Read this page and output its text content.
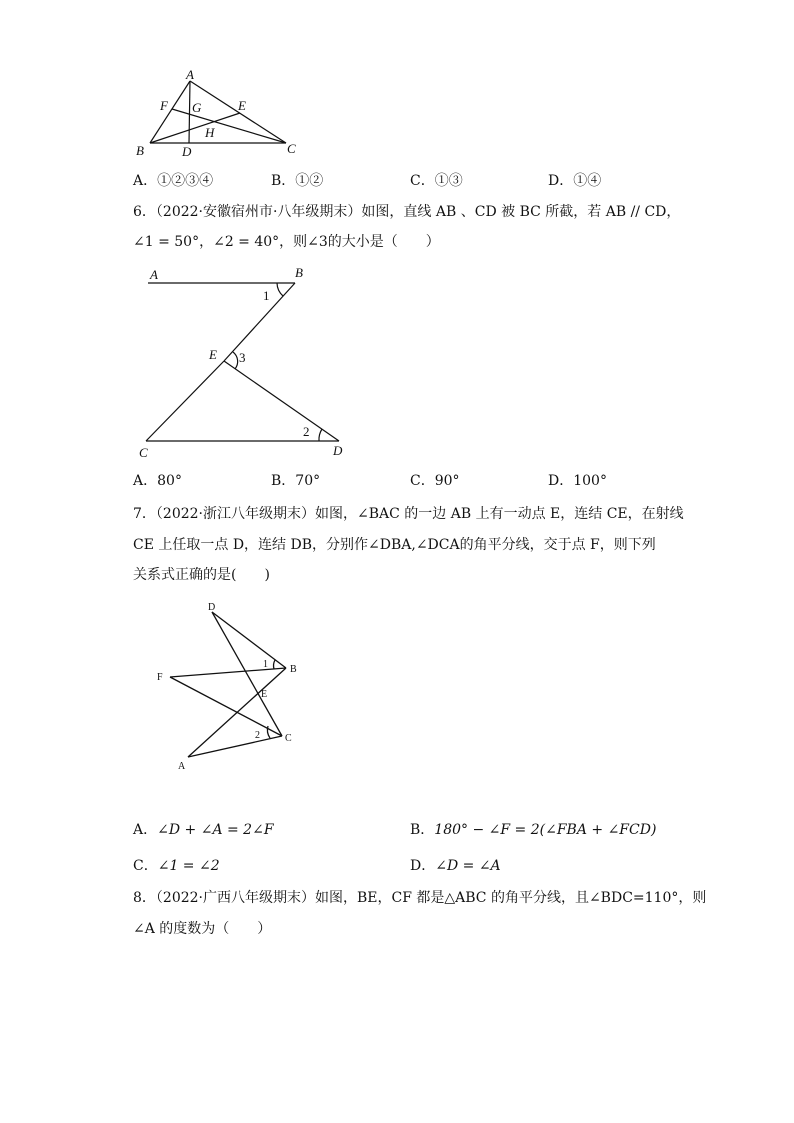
A
B	C
D
E
F G
H
A．①②③④	B．①②	C．①③	D．①④
6．（2022·安徽宿州市·八年级期末）如图，直线 AB 、CD 被 BC 所截，若 AB // CD，
∠1 = 50°，∠2 = 40°，则∠3的大小是（　　）
A	B
E
C	D
1
3
2
A．80°	B．70°	C．90°	D．100°
7．（2022·浙江八年级期末）如图，∠BAC 的一边 AB 上有一动点 E，连结 CE，在射线
CE 上任取一点 D，连结 DB，分别作∠DBA,∠DCA的角平分线，交于点 F，则下列
关系式正确的是(　　)
D
B
F
E
C
A
1
2
A．∠D + ∠A = 2∠F	B．180° − ∠F = 2(∠FBA + ∠FCD)
C．∠1 = ∠2	D．∠D = ∠A
8．（2022·广西八年级期末）如图，BE，CF 都是△ABC 的角平分线，且∠BDC=110°，则
∠A 的度数为（　　）
